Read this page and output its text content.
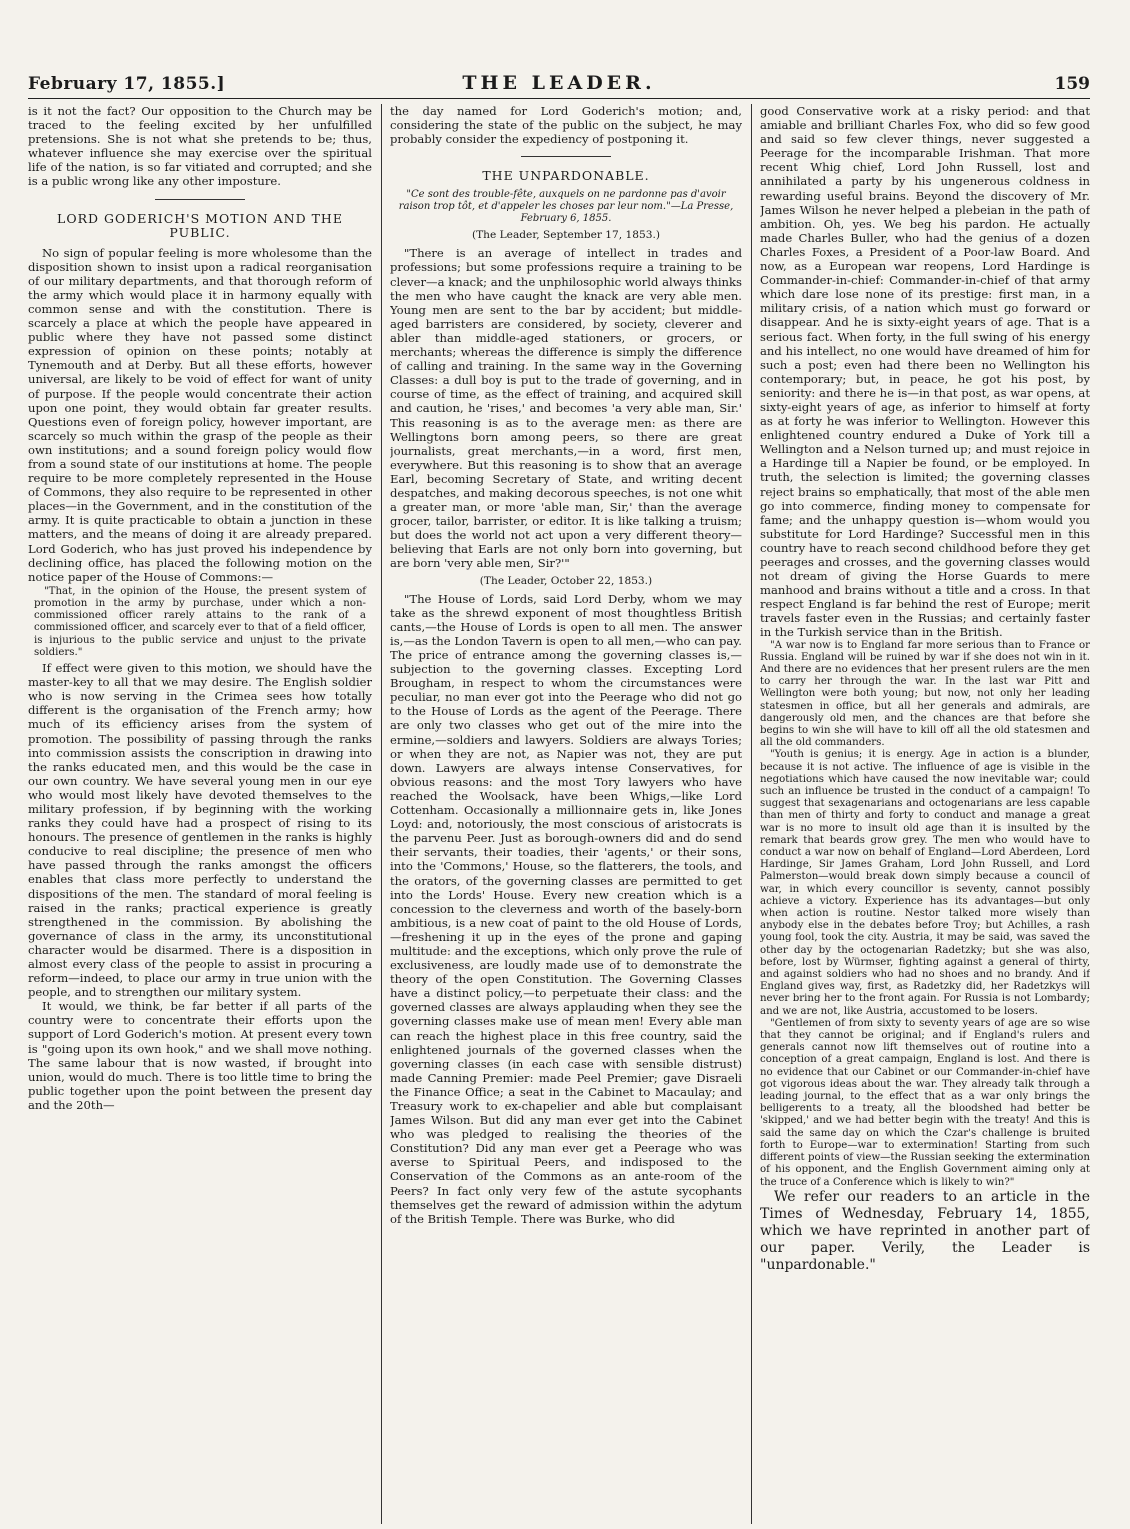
February 17, 1855.]	THE LEADER.	159

is it not the fact? Our opposition to the Church may be traced to the feeling excited by her unfulfilled pretensions. She is not what she pretends to be; thus, whatever influence she may exercise over the spiritual life of the nation, is so far vitiated and corrupted; and she is a public wrong like any other imposture.

LORD GODERICH'S MOTION AND THE PUBLIC.

No sign of popular feeling is more wholesome than the disposition shown to insist upon a radical reorganisation of our military departments, and that thorough reform of the army which would place it in harmony equally with common sense and with the constitution. There is scarcely a place at which the people have appeared in public where they have not passed some distinct expression of opinion on these points; notably at Tynemouth and at Derby. But all these efforts, however universal, are likely to be void of effect for want of unity of purpose. If the people would concentrate their action upon one point, they would obtain far greater results. Questions even of foreign policy, however important, are scarcely so much within the grasp of the people as their own institutions; and a sound foreign policy would flow from a sound state of our institutions at home. The people require to be more completely represented in the House of Commons, they also require to be represented in other places—in the Government, and in the constitution of the army. It is quite practicable to obtain a junction in these matters, and the means of doing it are already prepared. Lord Goderich, who has just proved his independence by declining office, has placed the following motion on the notice paper of the House of Commons:—

"That, in the opinion of the House, the present system of promotion in the army by purchase, under which a non-commissioned officer rarely attains to the rank of a commissioned officer, and scarcely ever to that of a field officer, is injurious to the public service and unjust to the private soldiers."

If effect were given to this motion, we should have the master-key to all that we may desire. The English soldier who is now serving in the Crimea sees how totally different is the organisation of the French army; how much of its efficiency arises from the system of promotion. The possibility of passing through the ranks into commission assists the conscription in drawing into the ranks educated men, and this would be the case in our own country. We have several young men in our eye who would most likely have devoted themselves to the military profession, if by beginning with the working ranks they could have had a prospect of rising to its honours. The presence of gentlemen in the ranks is highly conducive to real discipline; the presence of men who have passed through the ranks amongst the officers enables that class more perfectly to understand the dispositions of the men. The standard of moral feeling is raised in the ranks; practical experience is greatly strengthened in the commission. By abolishing the governance of class in the army, its unconstitutional character would be disarmed. There is a disposition in almost every class of the people to assist in procuring a reform—indeed, to place our army in true union with the people, and to strengthen our military system.

It would, we think, be far better if all parts of the country were to concentrate their efforts upon the support of Lord Goderich's motion. At present every town is "going upon its own hook," and we shall move nothing. The same labour that is now wasted, if brought into union, would do much. There is too little time to bring the public together upon the point between the present day and the 20th—

the day named for Lord Goderich's motion; and, considering the state of the public on the subject, he may probably consider the expediency of postponing it.

THE UNPARDONABLE.
"Ce sont des trouble-fête, auxquels on ne pardonne pas d'avoir raison trop tôt, et d'appeler les choses par leur nom."—La Presse, February 6, 1855.
(The Leader, September 17, 1853.)

"There is an average of intellect in trades and professions; but some professions require a training to be clever—a knack; and the unphilosophic world always thinks the men who have caught the knack are very able men. Young men are sent to the bar by accident; but middle-aged barristers are considered, by society, cleverer and abler than middle-aged stationers, or grocers, or merchants; whereas the difference is simply the difference of calling and training. In the same way in the Governing Classes: a dull boy is put to the trade of governing, and in course of time, as the effect of training, and acquired skill and caution, he 'rises,' and becomes 'a very able man, Sir.' This reasoning is as to the average men: as there are Wellingtons born among peers, so there are great journalists, great merchants,—in a word, first men, everywhere. But this reasoning is to show that an average Earl, becoming Secretary of State, and writing decent despatches, and making decorous speeches, is not one whit a greater man, or more 'able man, Sir,' than the average grocer, tailor, barrister, or editor. It is like talking a truism; but does the world not act upon a very different theory—believing that Earls are not only born into governing, but are born 'very able men, Sir?'"

(The Leader, October 22, 1853.)

"The House of Lords, said Lord Derby, whom we may take as the shrewd exponent of most thoughtless British cants,—the House of Lords is open to all men. The answer is,—as the London Tavern is open to all men,—who can pay. The price of entrance among the governing classes is,—subjection to the governing classes. Excepting Lord Brougham, in respect to whom the circumstances were peculiar, no man ever got into the Peerage who did not go to the House of Lords as the agent of the Peerage. There are only two classes who get out of the mire into the ermine,—soldiers and lawyers. Soldiers are always Tories; or when they are not, as Napier was not, they are put down. Lawyers are always intense Conservatives, for obvious reasons: and the most Tory lawyers who have reached the Woolsack, have been Whigs,—like Lord Cottenham. Occasionally a millionnaire gets in, like Jones Loyd: and, notoriously, the most conscious of aristocrats is the parvenu Peer. Just as borough-owners did and do send their servants, their toadies, their 'agents,' or their sons, into the 'Commons,' House, so the flatterers, the tools, and the orators, of the governing classes are permitted to get into the Lords' House. Every new creation which is a concession to the cleverness and worth of the basely-born ambitious, is a new coat of paint to the old House of Lords,—freshening it up in the eyes of the prone and gaping multitude: and the exceptions, which only prove the rule of exclusiveness, are loudly made use of to demonstrate the theory of the open Constitution. The Governing Classes have a distinct policy,—to perpetuate their class: and the governed classes are always applauding when they see the governing classes make use of mean men! Every able man can reach the highest place in this free country, said the enlightened journals of the governed classes when the governing classes (in each case with sensible distrust) made Canning Premier: made Peel Premier; gave Disraeli the Finance Office; a seat in the Cabinet to Macaulay; and Treasury work to ex-chapelier and able but complaisant James Wilson. But did any man ever get into the Cabinet who was pledged to realising the theories of the Constitution? Did any man ever get a Peerage who was averse to Spiritual Peers, and indisposed to the Conservation of the Commons as an ante-room of the Peers? In fact only very few of the astute sycophants themselves get the reward of admission within the adytum of the British Temple. There was Burke, who did

good Conservative work at a risky period: and that amiable and brilliant Charles Fox, who did so few good and said so few clever things, never suggested a Peerage for the incomparable Irishman. That more recent Whig chief, Lord John Russell, lost and annihilated a party by his ungenerous coldness in rewarding useful brains. Beyond the discovery of Mr. James Wilson he never helped a plebeian in the path of ambition. Oh, yes. We beg his pardon. He actually made Charles Buller, who had the genius of a dozen Charles Foxes, a President of a Poor-law Board. And now, as a European war reopens, Lord Hardinge is Commander-in-chief: Commander-in-chief of that army which dare lose none of its prestige: first man, in a military crisis, of a nation which must go forward or disappear. And he is sixty-eight years of age. That is a serious fact. When forty, in the full swing of his energy and his intellect, no one would have dreamed of him for such a post; even had there been no Wellington his contemporary; but, in peace, he got his post, by seniority: and there he is—in that post, as war opens, at sixty-eight years of age, as inferior to himself at forty as at forty he was inferior to Wellington. However this enlightened country endured a Duke of York till a Wellington and a Nelson turned up; and must rejoice in a Hardinge till a Napier be found, or be employed. In truth, the selection is limited; the governing classes reject brains so emphatically, that most of the able men go into commerce, finding money to compensate for fame; and the unhappy question is—whom would you substitute for Lord Hardinge? Successful men in this country have to reach second childhood before they get peerages and crosses, and the governing classes would not dream of giving the Horse Guards to mere manhood and brains without a title and a cross. In that respect England is far behind the rest of Europe; merit travels faster even in the Russias; and certainly faster in the Turkish service than in the British.

"A war now is to England far more serious than to France or Russia. England will be ruined by war if she does not win in it. And there are no evidences that her present rulers are the men to carry her through the war. In the last war Pitt and Wellington were both young; but now, not only her leading statesmen in office, but all her generals and admirals, are dangerously old men, and the chances are that before she begins to win she will have to kill off all the old statesmen and all the old commanders.

"Youth is genius; it is energy. Age in action is a blunder, because it is not active. The influence of age is visible in the negotiations which have caused the now inevitable war; could such an influence be trusted in the conduct of a campaign! To suggest that sexagenarians and octogenarians are less capable than men of thirty and forty to conduct and manage a great war is no more to insult old age than it is insulted by the remark that beards grow grey. The men who would have to conduct a war now on behalf of England—Lord Aberdeen, Lord Hardinge, Sir James Graham, Lord John Russell, and Lord Palmerston—would break down simply because a council of war, in which every councillor is seventy, cannot possibly achieve a victory. Experience has its advantages—but only when action is routine. Nestor talked more wisely than anybody else in the debates before Troy; but Achilles, a rash young fool, took the city. Austria, it may be said, was saved the other day by the octogenarian Radetzky; but she was also, before, lost by Würmser, fighting against a general of thirty, and against soldiers who had no shoes and no brandy. And if England gives way, first, as Radetzky did, her Radetzkys will never bring her to the front again. For Russia is not Lombardy; and we are not, like Austria, accustomed to be losers.

"Gentlemen of from sixty to seventy years of age are so wise that they cannot be original; and if England's rulers and generals cannot now lift themselves out of routine into a conception of a great campaign, England is lost. And there is no evidence that our Cabinet or our Commander-in-chief have got vigorous ideas about the war. They already talk through a leading journal, to the effect that as a war only brings the belligerents to a treaty, all the bloodshed had better be 'skipped,' and we had better begin with the treaty! And this is said the same day on which the Czar's challenge is bruited forth to Europe—war to extermination! Starting from such different points of view—the Russian seeking the extermination of his opponent, and the English Government aiming only at the truce of a Conference which is likely to win?"

We refer our readers to an article in the Times of Wednesday, February 14, 1855, which we have reprinted in another part of our paper. Verily, the Leader is "unpardonable."
